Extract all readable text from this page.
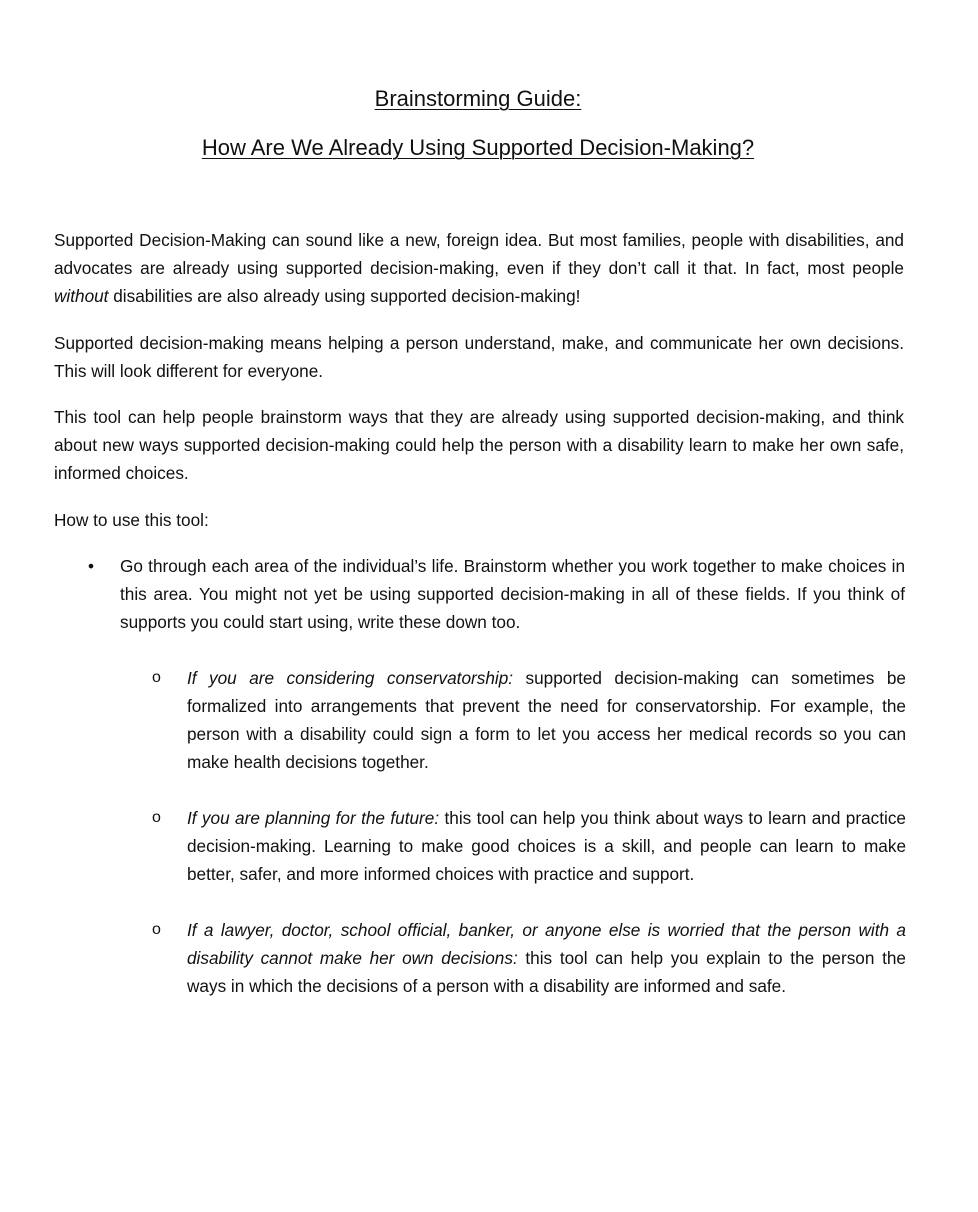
Brainstorming Guide:
How Are We Already Using Supported Decision-Making?

Supported Decision-Making can sound like a new, foreign idea. But most families, people with disabilities, and advocates are already using supported decision-making, even if they don’t call it that. In fact, most people without disabilities are also already using supported decision-making!

Supported decision-making means helping a person understand, make, and communicate her own decisions. This will look different for everyone.

This tool can help people brainstorm ways that they are already using supported decision-making, and think about new ways supported decision-making could help the person with a disability learn to make her own safe, informed choices.

How to use this tool:

• Go through each area of the individual’s life. Brainstorm whether you work together to make choices in this area. You might not yet be using supported decision-making in all of these fields. If you think of supports you could start using, write these down too.
o If you are considering conservatorship: supported decision-making can sometimes be formalized into arrangements that prevent the need for conservatorship. For example, the person with a disability could sign a form to let you access her medical records so you can make health decisions together.
o If you are planning for the future: this tool can help you think about ways to learn and practice decision-making. Learning to make good choices is a skill, and people can learn to make better, safer, and more informed choices with practice and support.
o If a lawyer, doctor, school official, banker, or anyone else is worried that the person with a disability cannot make her own decisions: this tool can help you explain to the person the ways in which the decisions of a person with a disability are informed and safe.
